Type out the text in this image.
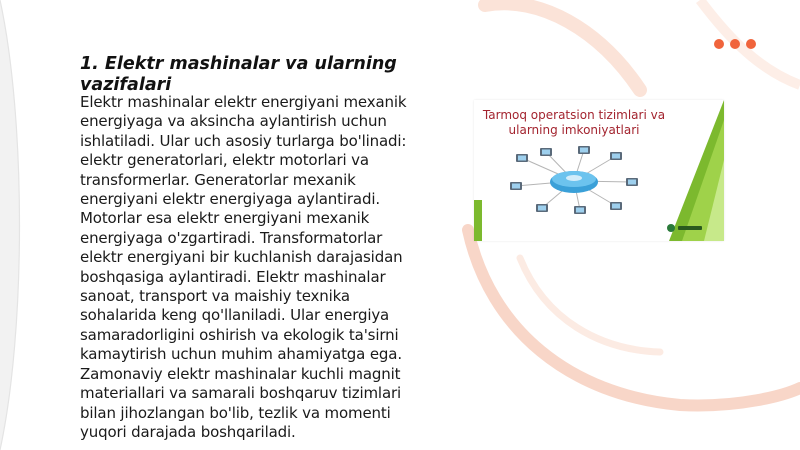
1. Elektr mashinalar va ularning vazifalari

Elektr mashinalar elektr energiyani mexanik energiyaga va aksincha aylantirish uchun ishlatiladi. Ular uch asosiy turlarga bo'linadi: elektr generatorlari, elektr motorlari va transformerlar. Generatorlar mexanik energiyani elektr energiyaga aylantiradi. Motorlar esa elektr energiyani mexanik energiyaga o'zgartiradi. Transformatorlar elektr energiyani bir kuchlanish darajasidan boshqasiga aylantiradi. Elektr mashinalar sanoat, transport va maishiy texnika sohalarida keng qo'llaniladi. Ular energiya samaradorligini oshirish va ekologik ta'sirni kamaytirish uchun muhim ahamiyatga ega. Zamonaviy elektr mashinalar kuchli magnit materiallari va samarali boshqaruv tizimlari bilan jihozlangan bo'lib, tezlik va momenti yuqori darajada boshqariladi.

Tarmoq operatsion tizimlari va ularning imkoniyatlari
